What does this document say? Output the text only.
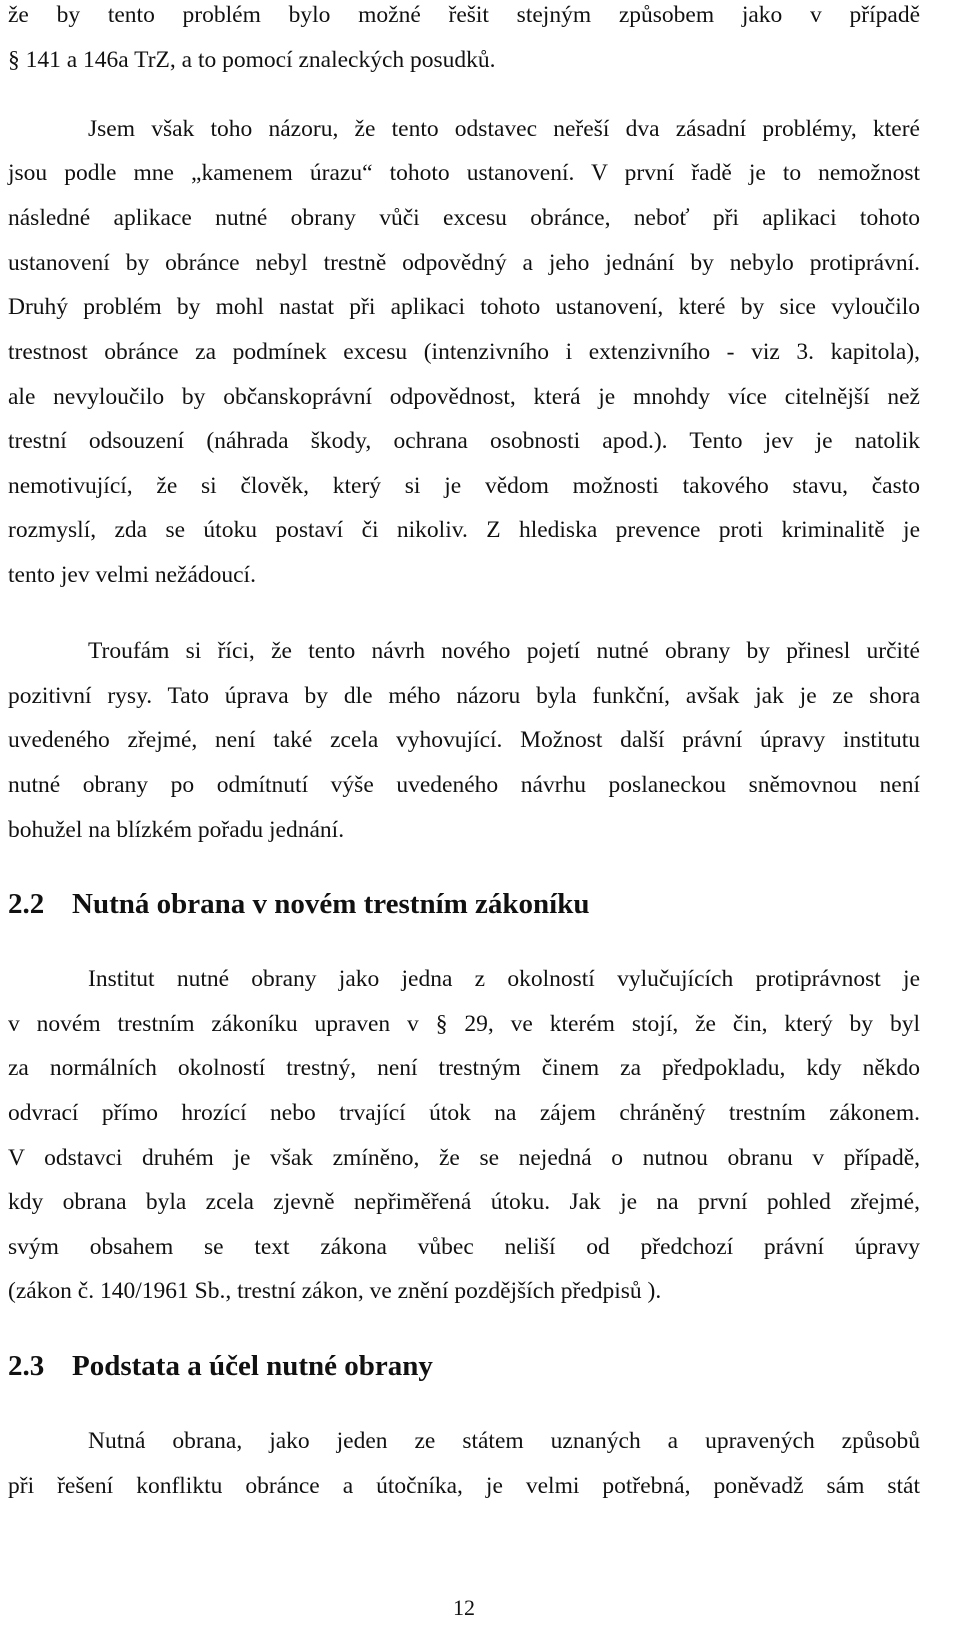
že by tento problém bylo možné řešit stejným způsobem jako v případě
§ 141 a 146a TrZ, a to pomocí znaleckých posudků.
Jsem však toho názoru, že tento odstavec neřeší dva zásadní problémy, které
jsou podle mne „kamenem úrazu“ tohoto ustanovení. V první řadě je to nemožnost
následné aplikace nutné obrany vůči excesu obránce, neboť při aplikaci tohoto
ustanovení by obránce nebyl trestně odpovědný a jeho jednání by nebylo protiprávní.
Druhý problém by mohl nastat při aplikaci tohoto ustanovení, které by sice vyloučilo
trestnost obránce za podmínek excesu (intenzivního i extenzivního - viz 3. kapitola),
ale nevyloučilo by občanskoprávní odpovědnost, která je mnohdy více citelnější než
trestní odsouzení (náhrada škody, ochrana osobnosti apod.). Tento jev je natolik
nemotivující, že si člověk, který si je vědom možnosti takového stavu, často
rozmyslí, zda se útoku postaví či nikoliv. Z hlediska prevence proti kriminalitě je
tento jev velmi nežádoucí.
Troufám si říci, že tento návrh nového pojetí nutné obrany by přinesl určité
pozitivní rysy. Tato úprava by dle mého názoru byla funkční, avšak jak je ze shora
uvedeného zřejmé, není také zcela vyhovující. Možnost další právní úpravy institutu
nutné obrany po odmítnutí výše uvedeného návrhu poslaneckou sněmovnou není
bohužel na blízkém pořadu jednání.
2.2 Nutná obrana v novém trestním zákoníku
Institut nutné obrany jako jedna z okolností vylučujících protiprávnost je
v novém trestním zákoníku upraven v § 29, ve kterém stojí, že čin, který by byl
za normálních okolností trestný, není trestným činem za předpokladu, kdy někdo
odvrací přímo hrozící nebo trvající útok na zájem chráněný trestním zákonem.
V odstavci druhém je však zmíněno, že se nejedná o nutnou obranu v případě,
kdy obrana byla zcela zjevně nepřiměřená útoku. Jak je na první pohled zřejmé,
svým obsahem se text zákona vůbec neliší od předchozí právní úpravy
(zákon č. 140/1961 Sb., trestní zákon, ve znění pozdějších předpisů ).
2.3 Podstata a účel nutné obrany
Nutná obrana, jako jeden ze státem uznaných a upravených způsobů
při řešení konfliktu obránce a útočníka, je velmi potřebná, poněvadž sám stát
12
